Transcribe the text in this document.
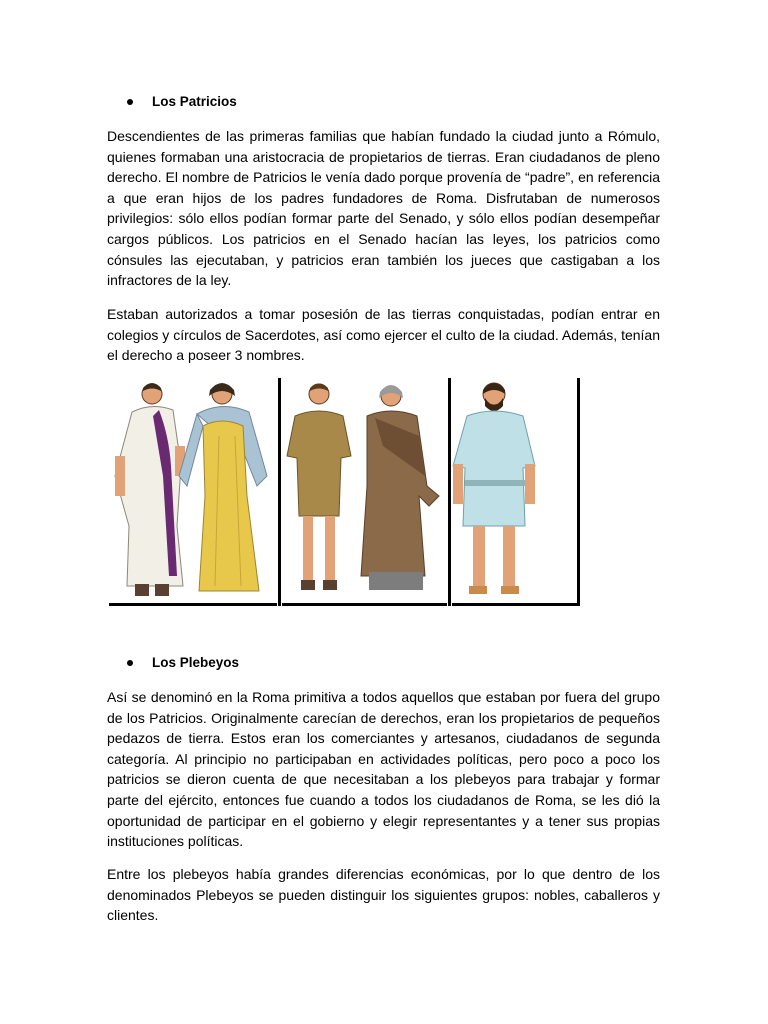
Los Patricios

Descendientes de las primeras familias que habían fundado la ciudad junto a Rómulo, quienes formaban una aristocracia de propietarios de tierras. Eran ciudadanos de pleno derecho. El nombre de Patricios le venía dado porque provenía de “padre”, en referencia a que eran hijos de los padres fundadores de Roma. Disfrutaban de numerosos privilegios: sólo ellos podían formar parte del Senado, y sólo ellos podían desempeñar cargos públicos. Los patricios en el Senado hacían las leyes, los patricios como cónsules las ejecutaban, y patricios eran también los jueces que castigaban a los infractores de la ley.

Estaban autorizados a tomar posesión de las tierras conquistadas, podían entrar en colegios y círculos de Sacerdotes, así como ejercer el culto de la ciudad. Además, tenían el derecho a poseer 3 nombres.

Los Plebeyos

Así se denominó en la Roma primitiva a todos aquellos que estaban por fuera del grupo de los Patricios. Originalmente carecían de derechos, eran los propietarios de pequeños pedazos de tierra. Estos eran los comerciantes y artesanos, ciudadanos de segunda categoría. Al principio no participaban en actividades políticas, pero poco a poco los patricios se dieron cuenta de que necesitaban a los plebeyos para trabajar y formar parte del ejército, entonces fue cuando a todos los ciudadanos de Roma, se les dió la oportunidad de participar en el gobierno y elegir representantes y a tener sus propias instituciones políticas.

Entre los plebeyos había grandes diferencias económicas, por lo que dentro de los denominados Plebeyos se pueden distinguir los siguientes grupos: nobles, caballeros y clientes.
